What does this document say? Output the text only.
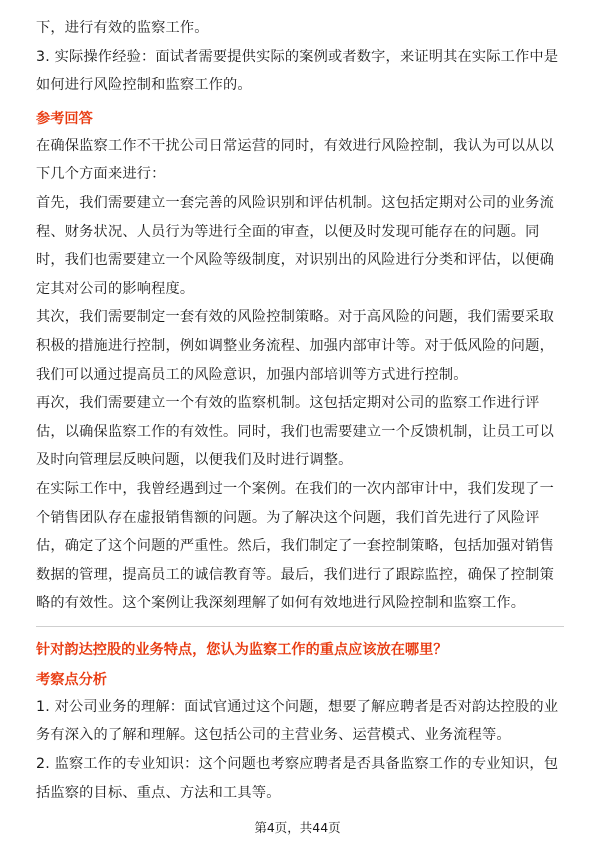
下，进行有效的监察工作。

3. 实际操作经验：面试者需要提供实际的案例或者数字，来证明其在实际工作中是如何进行风险控制和监察工作的。

参考回答

在确保监察工作不干扰公司日常运营的同时，有效进行风险控制，我认为可以从以下几个方面来进行：

首先，我们需要建立一套完善的风险识别和评估机制。这包括定期对公司的业务流程、财务状况、人员行为等进行全面的审查，以便及时发现可能存在的问题。同时，我们也需要建立一个风险等级制度，对识别出的风险进行分类和评估，以便确定其对公司的影响程度。

其次，我们需要制定一套有效的风险控制策略。对于高风险的问题，我们需要采取积极的措施进行控制，例如调整业务流程、加强内部审计等。对于低风险的问题，我们可以通过提高员工的风险意识，加强内部培训等方式进行控制。

再次，我们需要建立一个有效的监察机制。这包括定期对公司的监察工作进行评估，以确保监察工作的有效性。同时，我们也需要建立一个反馈机制，让员工可以及时向管理层反映问题，以便我们及时进行调整。

在实际工作中，我曾经遇到过一个案例。在我们的一次内部审计中，我们发现了一个销售团队存在虚报销售额的问题。为了解决这个问题，我们首先进行了风险评估，确定了这个问题的严重性。然后，我们制定了一套控制策略，包括加强对销售数据的管理，提高员工的诚信教育等。最后，我们进行了跟踪监控，确保了控制策略的有效性。这个案例让我深刻理解了如何有效地进行风险控制和监察工作。

针对韵达控股的业务特点，您认为监察工作的重点应该放在哪里？

考察点分析

1. 对公司业务的理解：面试官通过这个问题，想要了解应聘者是否对韵达控股的业务有深入的了解和理解。这包括公司的主营业务、运营模式、业务流程等。

2. 监察工作的专业知识：这个问题也考察应聘者是否具备监察工作的专业知识，包括监察的目标、重点、方法和工具等。

第4页，共44页
